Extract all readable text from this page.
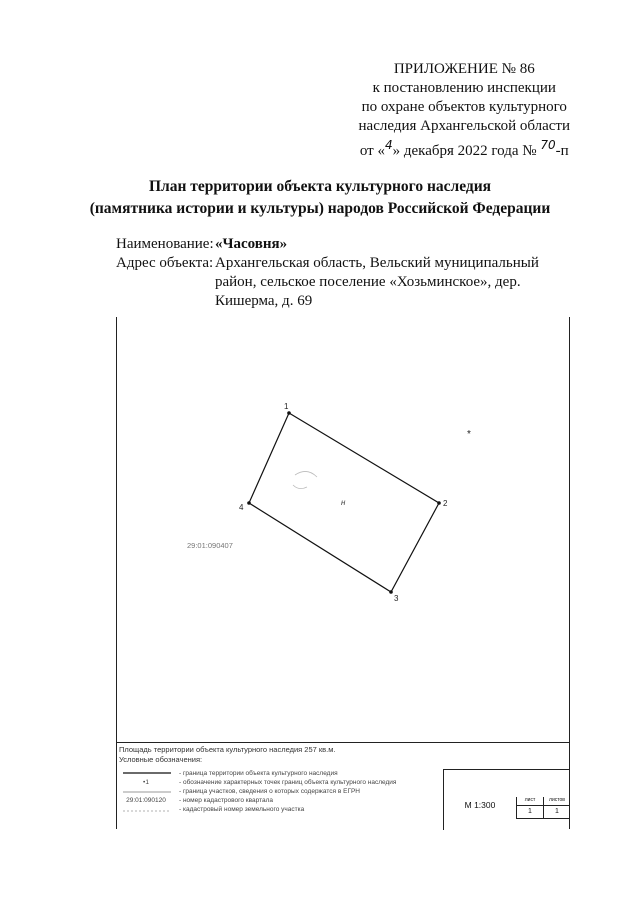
ПРИЛОЖЕНИЕ № 86
к постановлению инспекции
по охране объектов культурного
наследия Архангельской области
от «$^4$» декабря 2022 года № $^{70}$-п
План территории объекта культурного наследия
(памятника истории и культуры) народов Российской Федерации
Наименование: «Часовня»
Адрес объекта: Архангельская область, Вельский муниципальный район, сельское поселение «Хозьминское», дер. Кишерма, д. 69
1
2
3
4
н
29:01:090407
*
Площадь территории объекта культурного наследия 257 кв.м.
Условные обозначения:
- граница территории объекта культурного наследия
•1	- обозначение характерных точек границ объекта культурного наследия
- граница участков, сведения о которых содержатся в ЕГРН
29:01:090120	- номер кадастрового квартала
- кадастровый номер земельного участка	М 1:300	лист	листов
1	1
